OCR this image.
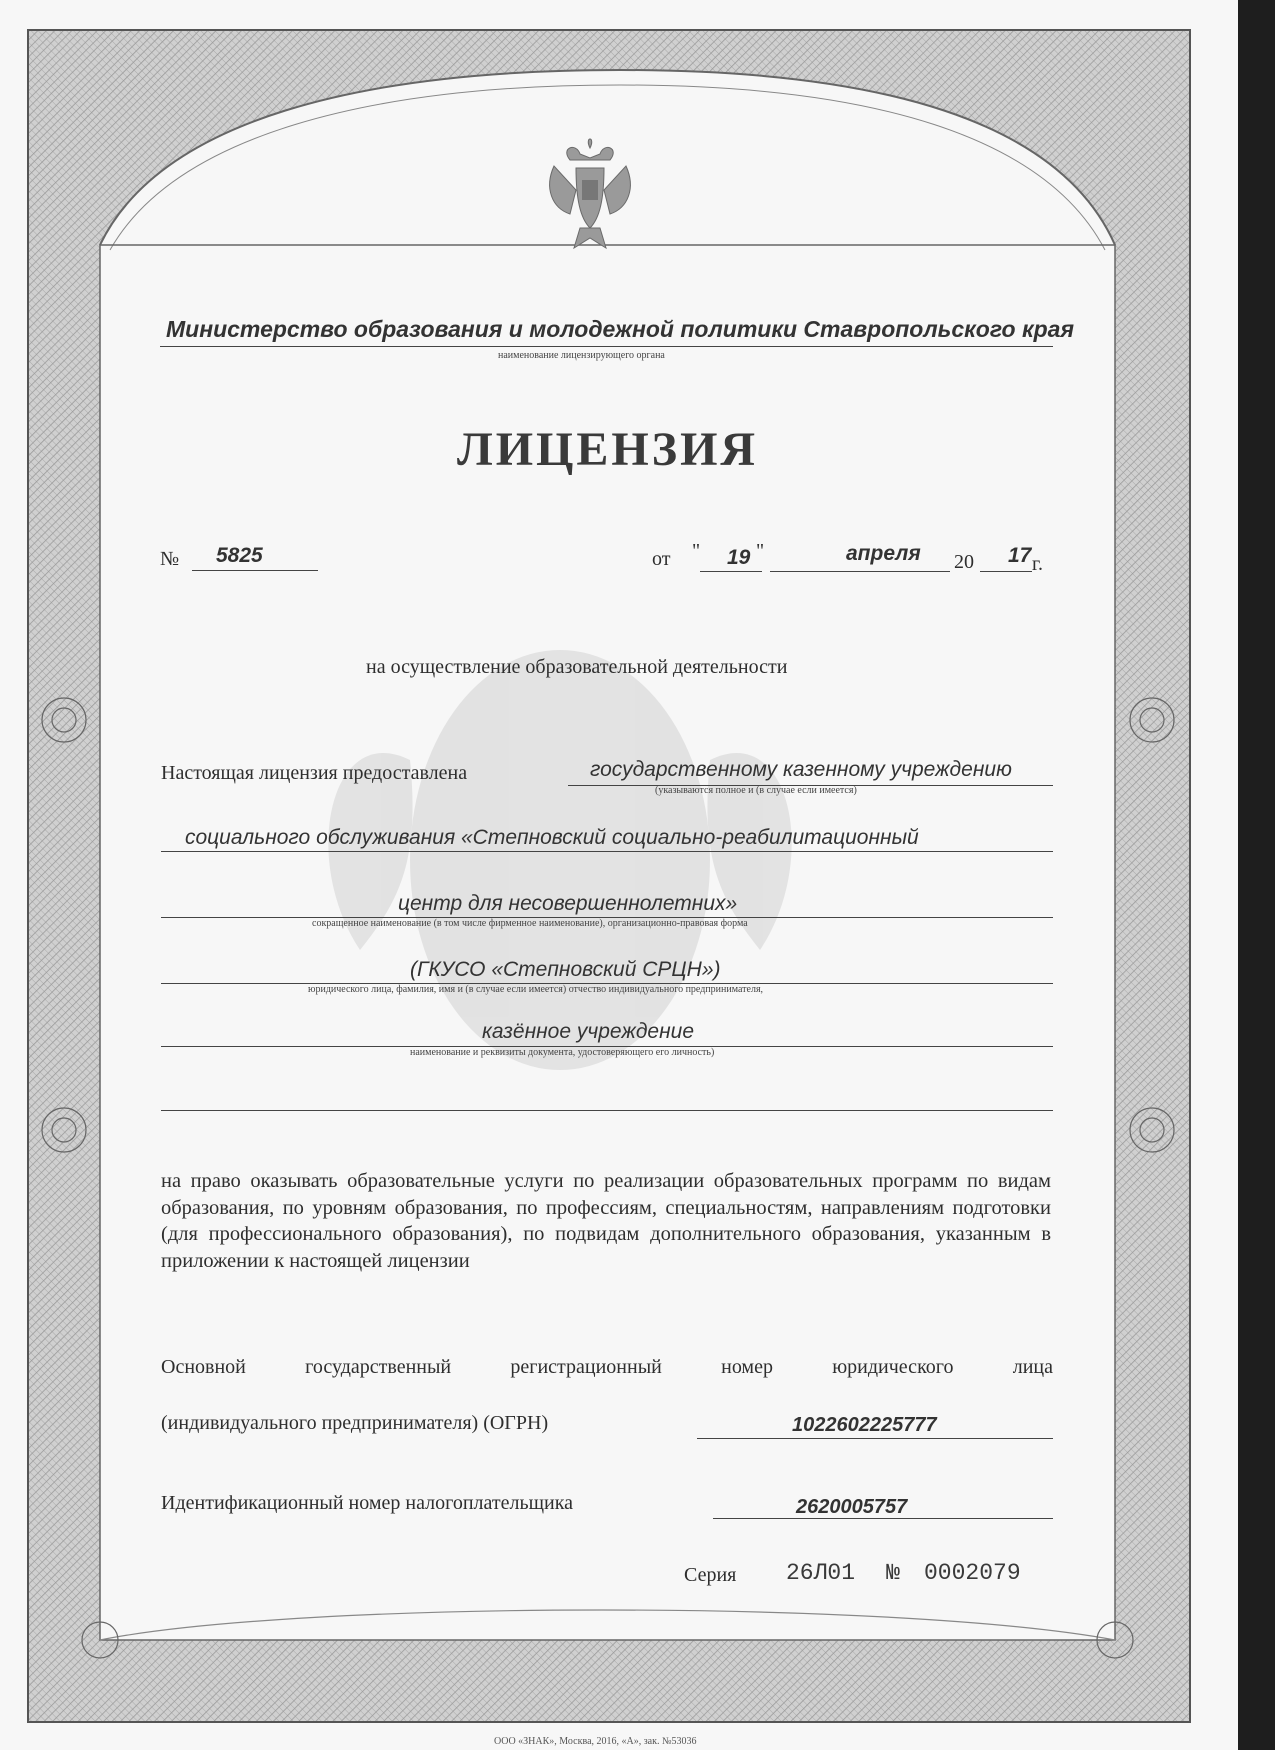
Министерство образования и молодежной политики Ставропольского края
наименование лицензирующего органа
ЛИЦЕНЗИЯ
№ 5825	от " 19 "	апреля 20 17 г.
на осуществление образовательной деятельности
Настоящая лицензия предоставлена	государственному казенному учреждению
(указываются полное и (в случае если имеется)
социального обслуживания «Степновский социально-реабилитационный
центр для несовершеннолетних»
сокращенное наименование (в том числе фирменное наименование), организационно-правовая форма
(ГКУСО «Степновский СРЦН»)
юридического лица, фамилия, имя и (в случае если имеется) отчество индивидуального предпринимателя,
казённое учреждение
наименование и реквизиты документа, удостоверяющего его личность)
на право оказывать образовательные услуги по реализации образовательных программ по видам образования, по уровням образования, по профессиям, специальностям, направлениям подготовки (для профессионального образования), по подвидам дополнительного образования, указанным в приложении к настоящей лицензии
Основной государственный регистрационный номер юридического лица
(индивидуального предпринимателя) (ОГРН)	1022602225777
Идентификационный номер налогоплательщика	2620005757
Серия 26Л01 № 0002079
ООО «ЗНАК», Москва, 2016, «А», зак. №53036
